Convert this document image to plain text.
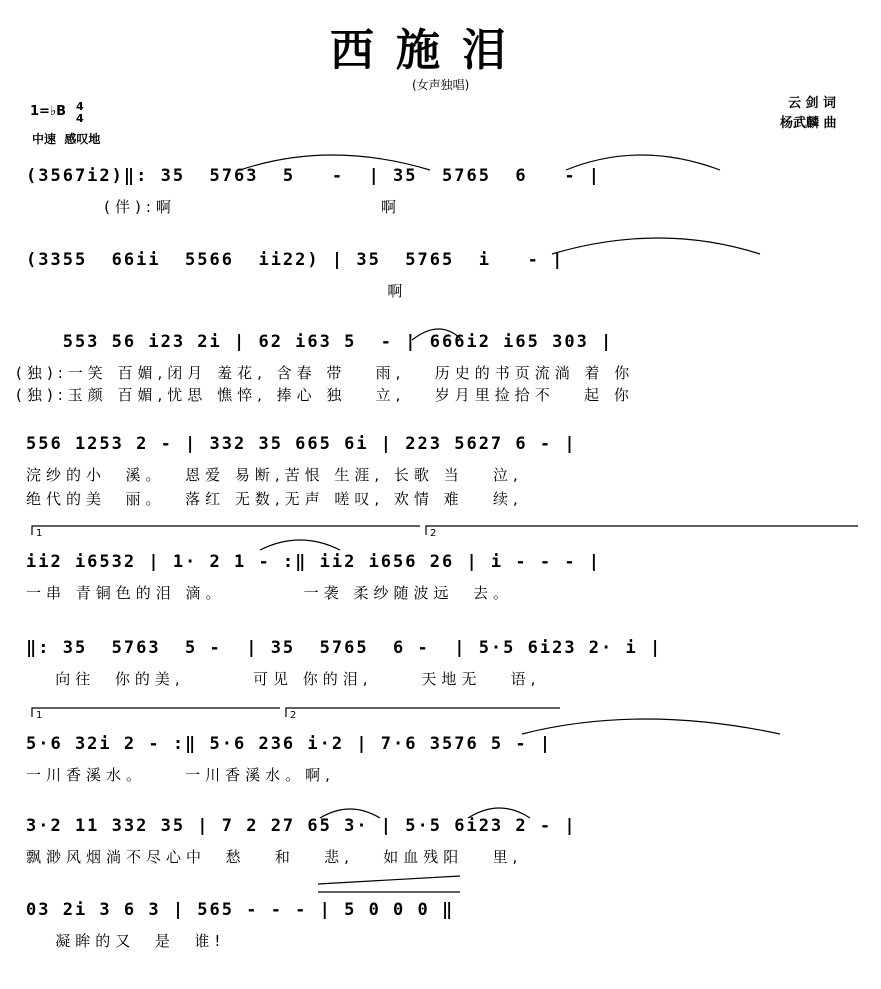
西施泪
(女声独唱)
云 剑 词
杨武麟 曲
1=♭B 4
4
中速  感叹地
(3567i2)‖: 35  5763  5   -  | 35  5765  6   - |
(伴):啊                     啊
(3355  66ii  5566  ii22) | 35  5765  i   - |
啊
553 56 i23 2i | 62 i63 5  - | 666i2 i65 303 |
(独):一笑 百媚,闭月 羞花, 含春 带   雨,   历史的书页流淌 着 你
(独):玉颜 百媚,忧思 憔悴, 捧心 独   立,   岁月里捡拾不   起 你
556 1253 2 - | 332 35 665 6i | 223 5627 6 - |
浣纱的小  溪。  恩爱 易断,苦恨 生涯, 长歌 当   泣,
绝代的美  丽。  落红 无数,无声 嗟叹, 欢情 难   续,
ii2 i6532 | 1· 2 1 - :‖ ii2 i656 26 | i - - - |
一串 青铜色的泪 滴。        一袭 柔纱随波远  去。
‖: 35  5763  5 -  | 35  5765  6 -  | 5·5 6i23 2· i |
向往  你的美,       可见 你的泪,     天地无   语,
5·6 32i 2 - :‖ 5·6 236 i·2 | 7·6 3576 5 - |
一川香溪水。    一川香溪水。啊,
3·2 11 332 35 | 7 2 27 65 3· | 5·5 6i23 2 - |
飘渺风烟淌不尽心中  愁   和   悲,   如血残阳   里,
03 2i 3 6 3 | 565 - - - | 5 0 0 0 ‖
凝眸的又  是  谁!
1	2
1	2
